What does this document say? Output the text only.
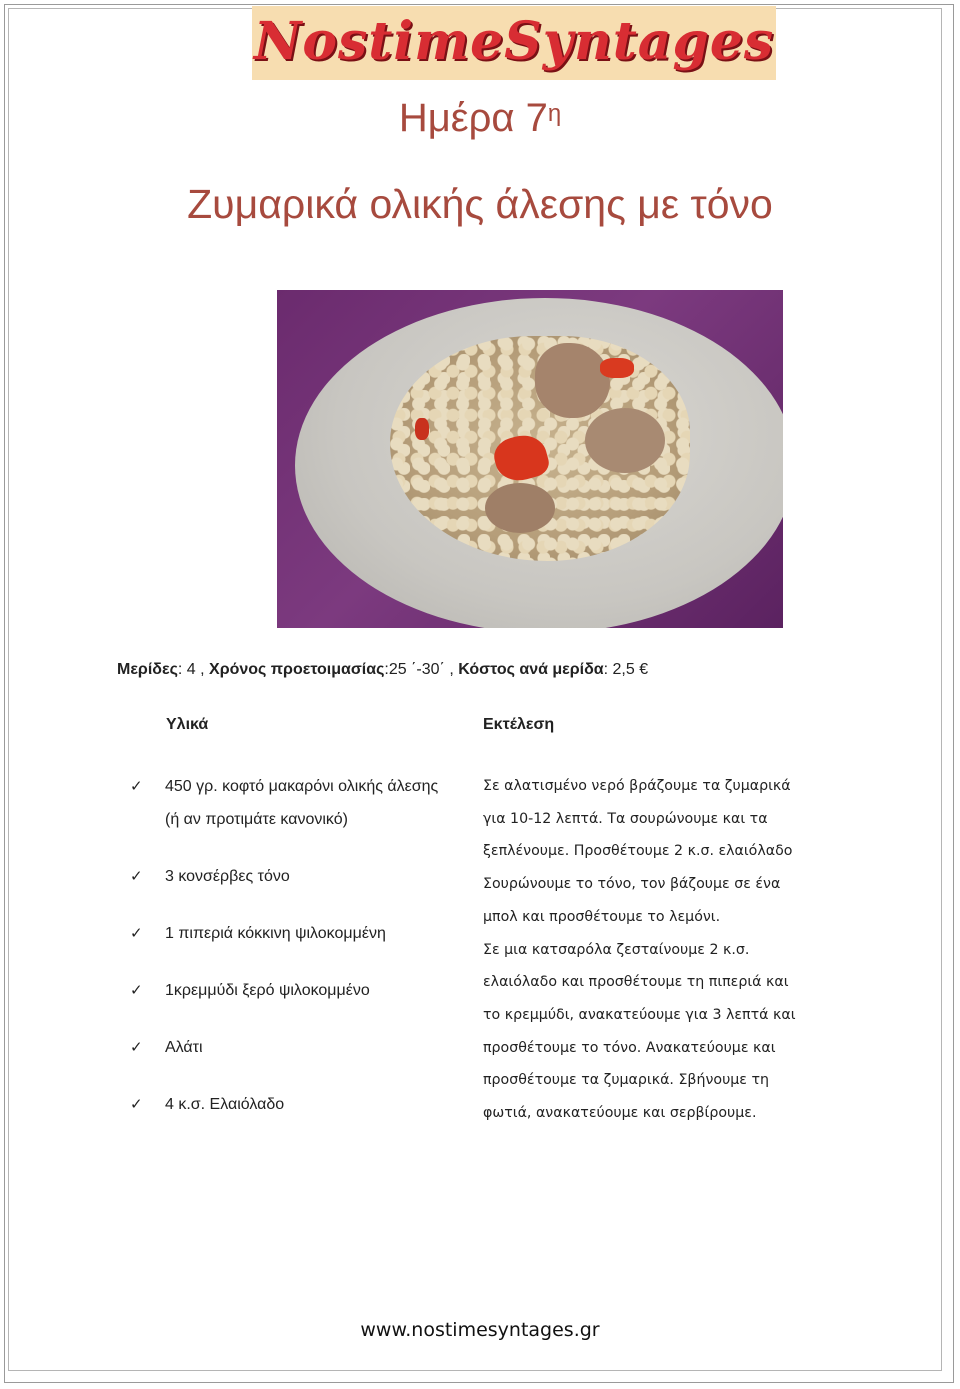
NostimeSyntages
Ημέρα $7^\eta$
Ζυμαρικά ολικής άλεσης με τόνο
Μερίδες: 4 , Χρόνος προετοιμασίας:25 ΄-30΄ , Κόστος ανά μερίδα: 2,5 €
Υλικά	Εκτέλεση
✓ 450 γρ. κοφτό μακαρόνι ολικής άλεσης (ή αν προτιμάτε κανονικό)
✓ 3 κονσέρβες τόνο
✓ 1 πιπεριά κόκκινη ψιλοκομμένη
✓ 1κρεμμύδι ξερό ψιλοκομμένο
✓ Αλάτι
✓ 4 κ.σ. Ελαιόλαδο
Σε αλατισμένο νερό βράζουμε τα ζυμαρικά
για 10-12 λεπτά. Τα σουρώνουμε και τα
ξεπλένουμε. Προσθέτουμε 2 κ.σ. ελαιόλαδο
Σουρώνουμε το τόνο, τον βάζουμε σε ένα
μπολ και προσθέτουμε το λεμόνι.
Σε μια κατσαρόλα ζεσταίνουμε 2 κ.σ.
ελαιόλαδο και προσθέτουμε τη πιπεριά και
το κρεμμύδι, ανακατεύουμε για 3 λεπτά και
προσθέτουμε το τόνο. Ανακατεύουμε και
προσθέτουμε τα ζυμαρικά. Σβήνουμε τη
φωτιά, ανακατεύουμε και σερβίρουμε.
www.nostimesyntages.gr
